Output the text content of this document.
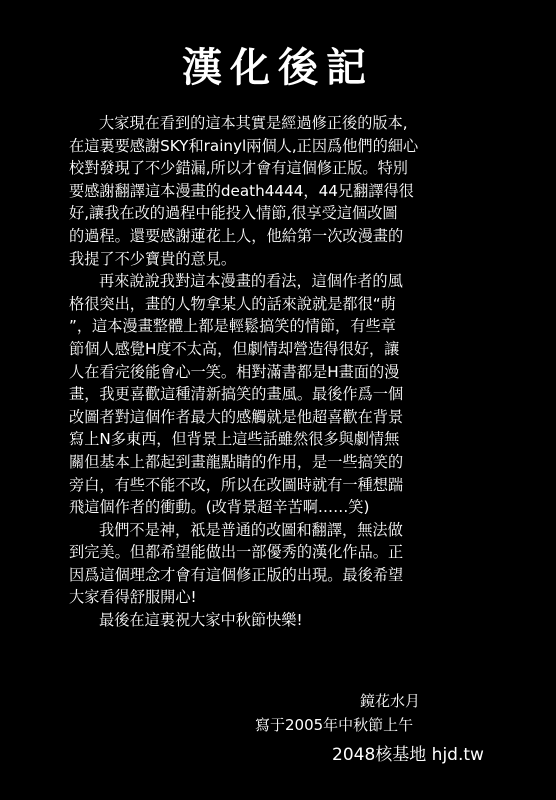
漢化後記
大家現在看到的這本其實是經過修正後的版本,
在這裏要感謝SKY和rainyl兩個人,正因爲他們的細心
校對發現了不少錯漏,所以才會有這個修正版。特別
要感謝翻譯這本漫畫的death4444，44兄翻譯得很
好,讓我在改的過程中能投入情節,很享受這個改圖
的過程。還要感謝蓮花上人，他給第一次改漫畫的
我提了不少寶貴的意見。
再來說說我對這本漫畫的看法，這個作者的風
格很突出，畫的人物拿某人的話來說就是都很“萌
”，這本漫畫整體上都是輕鬆搞笑的情節，有些章
節個人感覺H度不太高，但劇情却營造得很好，讓
人在看完後能會心一笑。相對滿書都是H畫面的漫
畫，我更喜歡這種清新搞笑的畫風。最後作爲一個
改圖者對這個作者最大的感觸就是他超喜歡在背景
寫上N多東西，但背景上這些話雖然很多與劇情無
關但基本上都起到畫龍點睛的作用，是一些搞笑的
旁白，有些不能不改，所以在改圖時就有一種想踹
飛這個作者的衝動。(改背景超辛苦啊……笑)
我們不是神，祇是普通的改圖和翻譯，無法做
到完美。但都希望能做出一部優秀的漢化作品。正
因爲這個理念才會有這個修正版的出現。最後希望
大家看得舒服開心!
最後在這裏祝大家中秋節快樂!
鏡花水月
寫于2005年中秋節上午
2048核基地 hjd.tw
